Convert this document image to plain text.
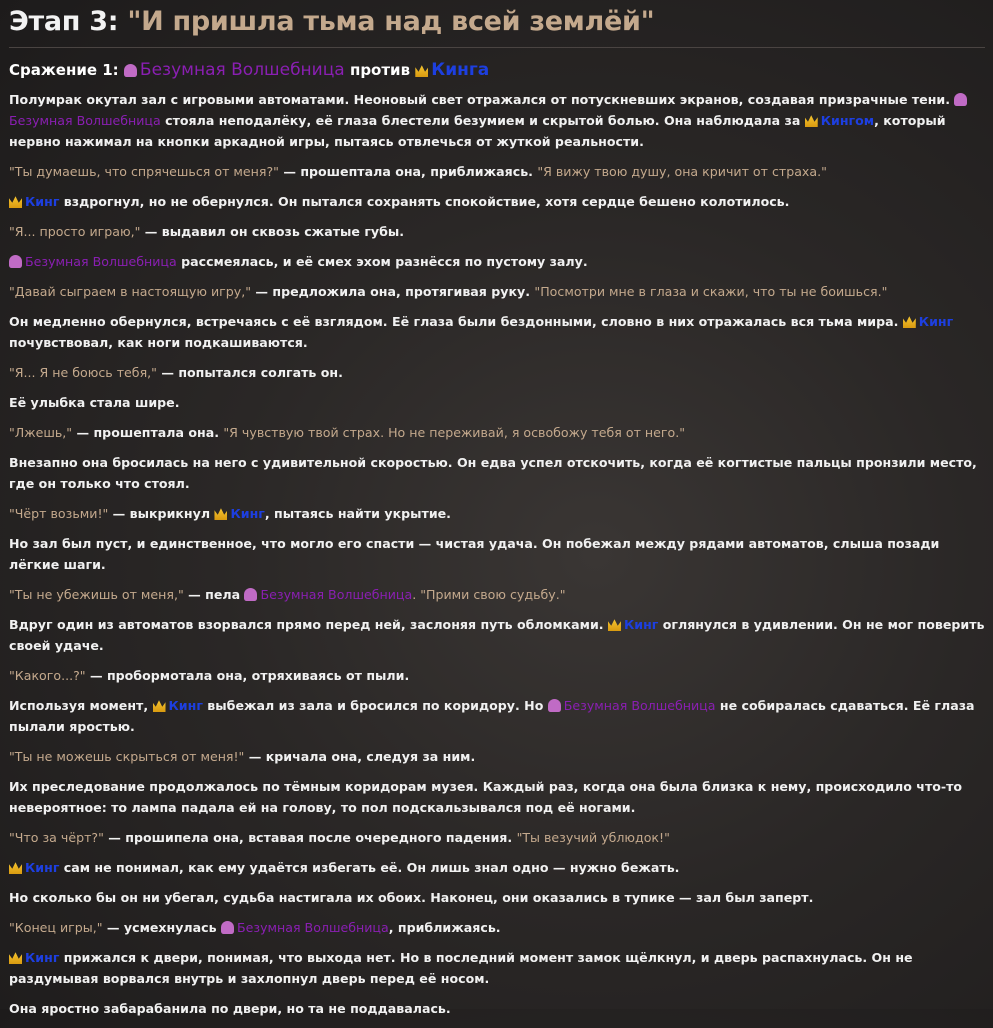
Этап 3: "И пришла тьма над всей землёй"
Сражение 1: Безумная Волшебница против Кинга

Полумрак окутал зал с игровыми автоматами. Неоновый свет отражался от потускневших экранов, создавая призрачные тени. Безумная Волшебница стояла неподалёку, её глаза блестели безумием и скрытой болью. Она наблюдала за Кингом, который нервно нажимал на кнопки аркадной игры, пытаясь отвлечься от жуткой реальности.

"Ты думаешь, что спрячешься от меня?" — прошептала она, приближаясь. "Я вижу твою душу, она кричит от страха."

Кинг вздрогнул, но не обернулся. Он пытался сохранять спокойствие, хотя сердце бешено колотилось.

"Я... просто играю," — выдавил он сквозь сжатые губы.

Безумная Волшебница рассмеялась, и её смех эхом разнёсся по пустому залу.

"Давай сыграем в настоящую игру," — предложила она, протягивая руку. "Посмотри мне в глаза и скажи, что ты не боишься."

Он медленно обернулся, встречаясь с её взглядом. Её глаза были бездонными, словно в них отражалась вся тьма мира. Кинг почувствовал, как ноги подкашиваются.

"Я... Я не боюсь тебя," — попытался солгать он.

Её улыбка стала шире.

"Лжешь," — прошептала она. "Я чувствую твой страх. Но не переживай, я освобожу тебя от него."

Внезапно она бросилась на него с удивительной скоростью. Он едва успел отскочить, когда её когтистые пальцы пронзили место, где он только что стоял.

"Чёрт возьми!" — выкрикнул Кинг, пытаясь найти укрытие.

Но зал был пуст, и единственное, что могло его спасти — чистая удача. Он побежал между рядами автоматов, слыша позади лёгкие шаги.

"Ты не убежишь от меня," — пела Безумная Волшебница. "Прими свою судьбу."

Вдруг один из автоматов взорвался прямо перед ней, заслоняя путь обломками. Кинг оглянулся в удивлении. Он не мог поверить своей удаче.

"Какого...?" — пробормотала она, отряхиваясь от пыли.

Используя момент, Кинг выбежал из зала и бросился по коридору. Но Безумная Волшебница не собиралась сдаваться. Её глаза пылали яростью.

"Ты не можешь скрыться от меня!" — кричала она, следуя за ним.

Их преследование продолжалось по тёмным коридорам музея. Каждый раз, когда она была близка к нему, происходило что-то невероятное: то лампа падала ей на голову, то пол подскальзывался под её ногами.

"Что за чёрт?" — прошипела она, вставая после очередного падения. "Ты везучий ублюдок!"

Кинг сам не понимал, как ему удаётся избегать её. Он лишь знал одно — нужно бежать.

Но сколько бы он ни убегал, судьба настигала их обоих. Наконец, они оказались в тупике — зал был заперт.

"Конец игры," — усмехнулась Безумная Волшебница, приближаясь.

Кинг прижался к двери, понимая, что выхода нет. Но в последний момент замок щёлкнул, и дверь распахнулась. Он не раздумывая ворвался внутрь и захлопнул дверь перед её носом.

Она яростно забарабанила по двери, но та не поддавалась.
